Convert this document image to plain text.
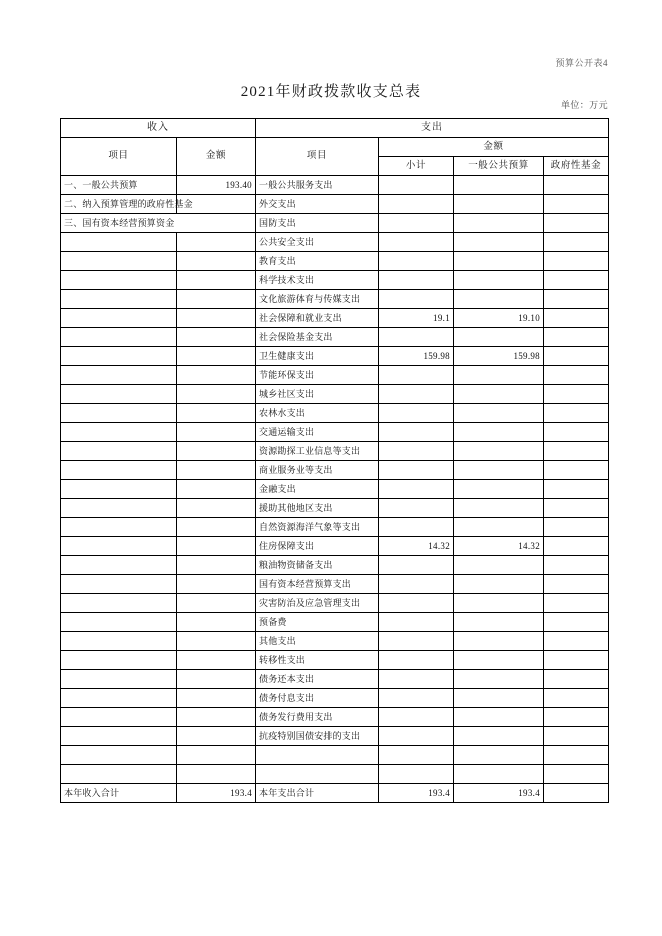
预算公开表4
2021年财政拨款收支总表
单位：万元
收入		支出			
项目	金额	项目	金额		
			小计	一般公共预算	政府性基金
一、一般公共预算	193.40	一般公共服务支出			
二、纳入预算管理的政府性基金		外交支出			

三、国有资本经营预算资金		国防支出			
		公共安全支出			
		教育支出			
		科学技术支出			
		文化旅游体育与传媒支出			
		社会保障和就业支出	19.1	19.10	
		社会保险基金支出			
		卫生健康支出	159.98	159.98	
		节能环保支出			
		城乡社区支出			
		农林水支出			
		交通运输支出			
		资源勘探工业信息等支出			
		商业服务业等支出			
		金融支出			
		援助其他地区支出			
		自然资源海洋气象等支出			
		住房保障支出	14.32	14.32	
		粮油物资储备支出			
		国有资本经营预算支出			
		灾害防治及应急管理支出			
		预备费			
		其他支出			
		转移性支出			
		债务还本支出			
		债务付息支出			
		债务发行费用支出			
		抗疫特别国债安排的支出			

本年收入合计	193.4	本年支出合计	193.4	193.4	
